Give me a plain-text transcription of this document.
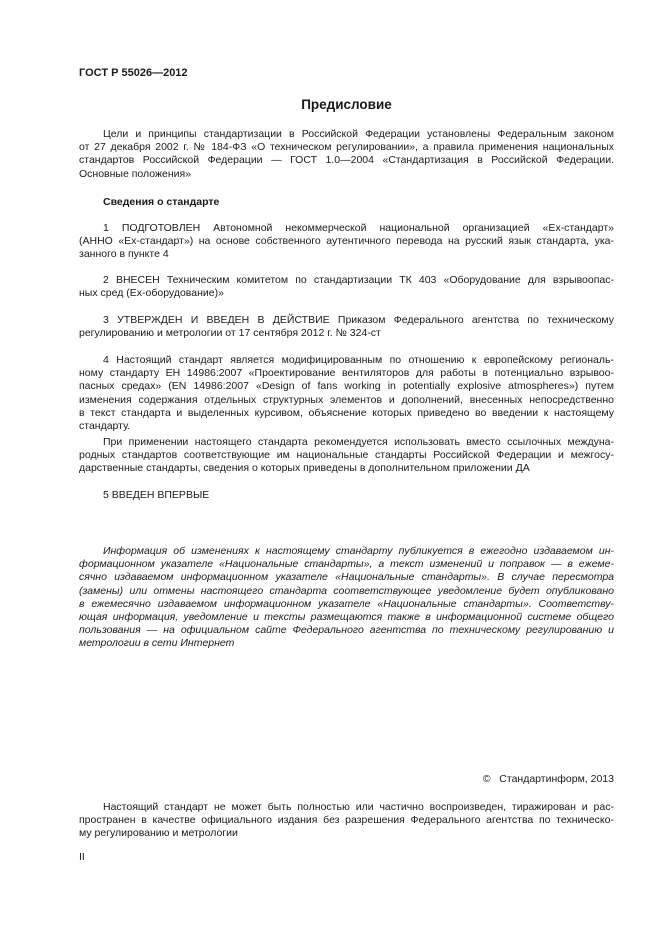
ГОСТ Р 55026—2012
Предисловие
Цели и принципы стандартизации в Российской Федерации установлены Федеральным законом
от 27 декабря 2002 г. № 184-ФЗ «О техническом регулировании», а правила применения национальных
стандартов Российской Федерации — ГОСТ 1.0—2004 «Стандартизация в Российской Федерации.
Основные положения»
Сведения о стандарте
1 ПОДГОТОВЛЕН Автономной некоммерческой национальной организацией «Ех-стандарт»
(АННО «Ех-стандарт») на основе собственного аутентичного перевода на русский язык стандарта, ука-
занного в пункте 4
2 ВНЕСЕН Техническим комитетом по стандартизации ТК 403 «Оборудование для взрывоопас-
ных сред (Ех-оборудование)»
3 УТВЕРЖДЕН И ВВЕДЕН В ДЕЙСТВИЕ Приказом Федерального агентства по техническому
регулированию и метрологии от 17 сентября 2012 г. № 324-ст
4 Настоящий стандарт является модифицированным по отношению к европейскому региональ-
ному стандарту ЕН 14986:2007 «Проектирование вентиляторов для работы в потенциально взрывоо-
пасных средах» (EN 14986:2007 «Design of fans working in potentially explosive atmospheres») путем
изменения содержания отдельных структурных элементов и дополнений, внесенных непосредственно
в текст стандарта и выделенных курсивом, объяснение которых приведено во введении к настоящему
стандарту.
При применении настоящего стандарта рекомендуется использовать вместо ссылочных междуна-
родных стандартов соответствующие им национальные стандарты Российской Федерации и межгосу-
дарственные стандарты, сведения о которых приведены в дополнительном приложении ДА
5 ВВЕДЕН ВПЕРВЫЕ
Информация об изменениях к настоящему стандарту публикуется в ежегодно издаваемом ин-
формационном указателе «Национальные стандарты», а текст изменений и поправок — в ежеме-
сячно издаваемом информационном указателе «Национальные стандарты». В случае пересмотра
(замены) или отмены настоящего стандарта соответствующее уведомление будет опубликовано
в ежемесячно издаваемом информационном указателе «Национальные стандарты». Соответству-
ющая информация, уведомление и тексты размещаются также в информационной системе общего
пользования — на официальном сайте Федерального агентства по техническому регулированию и
метрологии в сети Интернет
©   Стандартинформ, 2013
Настоящий стандарт не может быть полностью или частично воспроизведен, тиражирован и рас-
пространен в качестве официального издания без разрешения Федерального агентства по техническо-
му регулированию и метрологии
II
